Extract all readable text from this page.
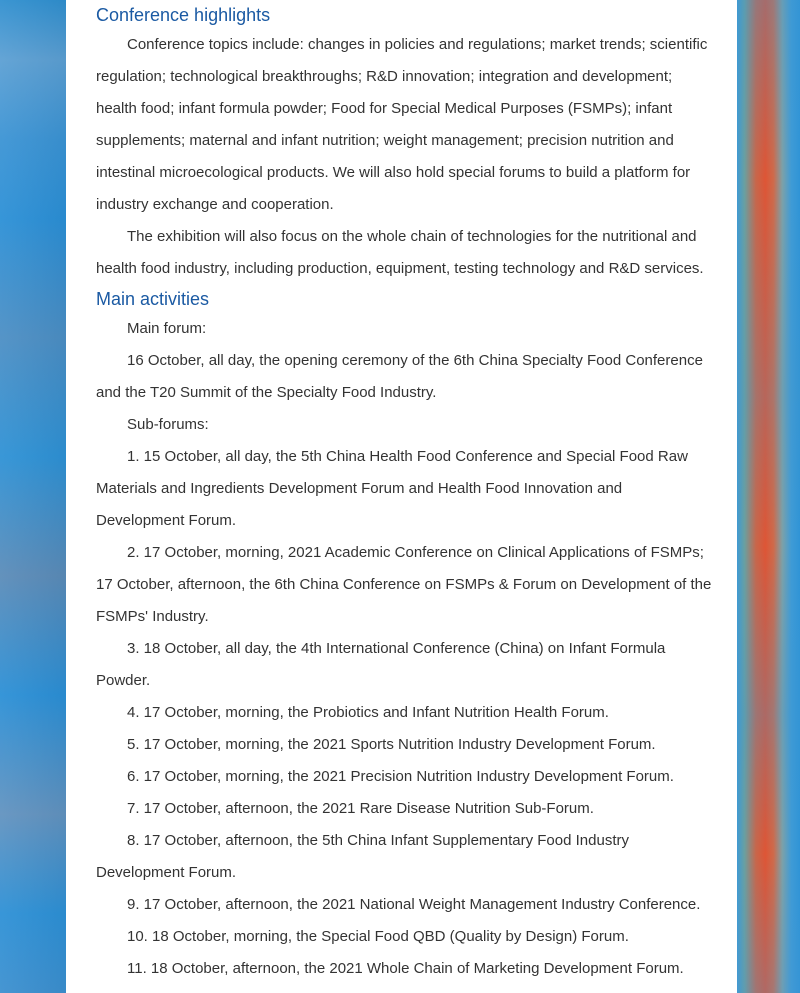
Conference highlights

Conference topics include: changes in policies and regulations; market trends; scientific regulation; technological breakthroughs; R&D innovation; integration and development; health food; infant formula powder; Food for Special Medical Purposes (FSMPs); infant supplements; maternal and infant nutrition; weight management; precision nutrition and intestinal microecological products. We will also hold special forums to build a platform for industry exchange and cooperation.

The exhibition will also focus on the whole chain of technologies for the nutritional and health food industry, including production, equipment, testing technology and R&D services.

Main activities

Main forum:

16 October, all day, the opening ceremony of the 6th China Specialty Food Conference and the T20 Summit of the Specialty Food Industry.

Sub-forums:

1. 15 October, all day, the 5th China Health Food Conference and Special Food Raw Materials and Ingredients Development Forum and Health Food Innovation and Development Forum.

2. 17 October, morning, 2021 Academic Conference on Clinical Applications of FSMPs; 17 October, afternoon, the 6th China Conference on FSMPs & Forum on Development of the FSMPs' Industry.

3. 18 October, all day, the 4th International Conference (China) on Infant Formula Powder.

4. 17 October, morning, the Probiotics and Infant Nutrition Health Forum.

5. 17 October, morning, the 2021 Sports Nutrition Industry Development Forum.

6. 17 October, morning, the 2021 Precision Nutrition Industry Development Forum.

7. 17 October, afternoon, the 2021 Rare Disease Nutrition Sub-Forum.

8. 17 October, afternoon, the 5th China Infant Supplementary Food Industry Development Forum.

9. 17 October, afternoon, the 2021 National Weight Management Industry Conference.

10. 18 October, morning, the Special Food QBD (Quality by Design) Forum.

11. 18 October, afternoon, the 2021 Whole Chain of Marketing Development Forum.
